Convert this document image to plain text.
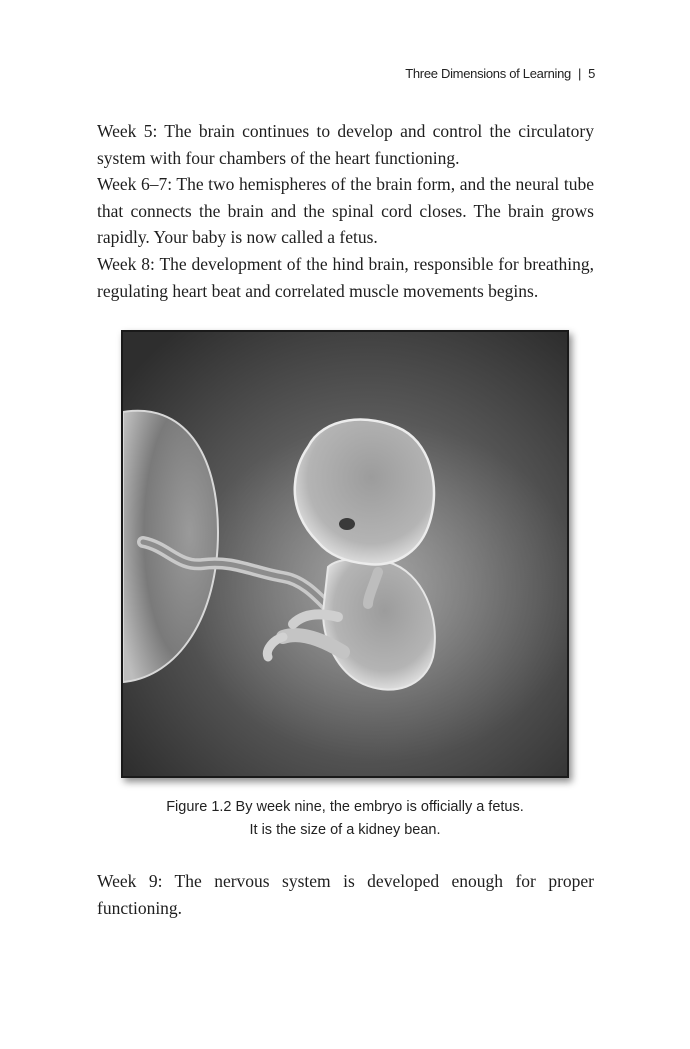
Three Dimensions of Learning | 5

Week 5: The brain continues to develop and control the circulatory system with four chambers of the heart functioning.

Week 6–7: The two hemispheres of the brain form, and the neural tube that connects the brain and the spinal cord closes. The brain grows rapidly. Your baby is now called a fetus.

Week 8: The development of the hind brain, responsible for breathing, regulating heart beat and correlated muscle movements begins.

Figure 1.2 By week nine, the embryo is officially a fetus.
It is the size of a kidney bean.

Week 9: The nervous system is developed enough for proper functioning.
